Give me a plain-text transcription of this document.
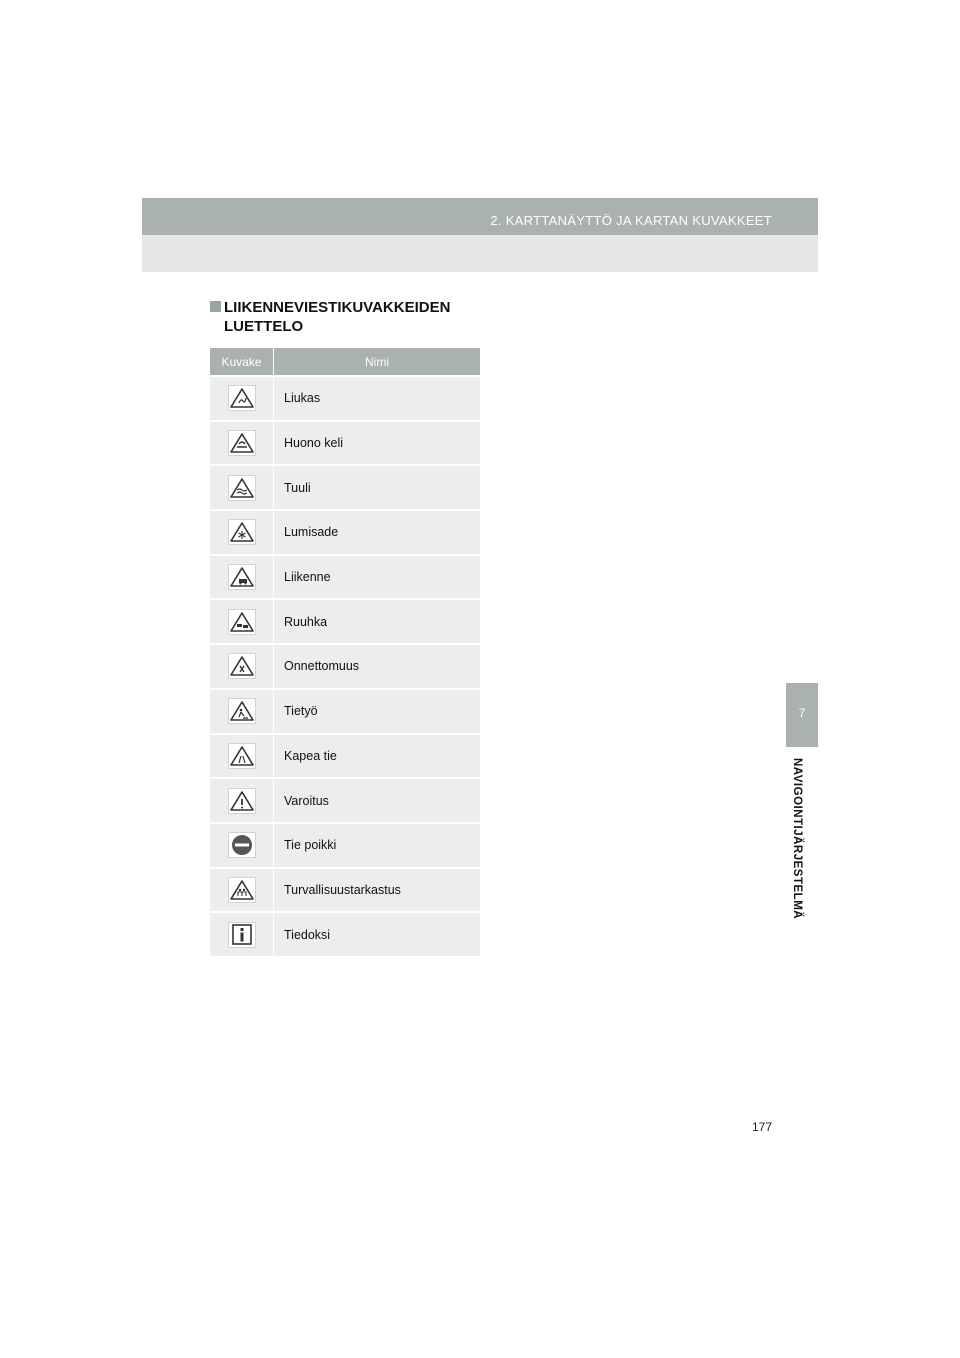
2. KARTTANÄYTTÖ JA KARTAN KUVAKKEET
LIIKENNEVIESTIKUVAKKEIDEN
LUETTELO
Kuvake	Nimi

	Liukas

	Huono keli

	Tuuli

	Lumisade

	Liikenne

	Ruuhka

	Onnettomuus

	Tietyö

	Kapea tie

	Varoitus

	Tie poikki

	Turvallisuustarkastus

	Tiedoksi
7
NAVIGOINTIJÄRJESTELMÄ
177
